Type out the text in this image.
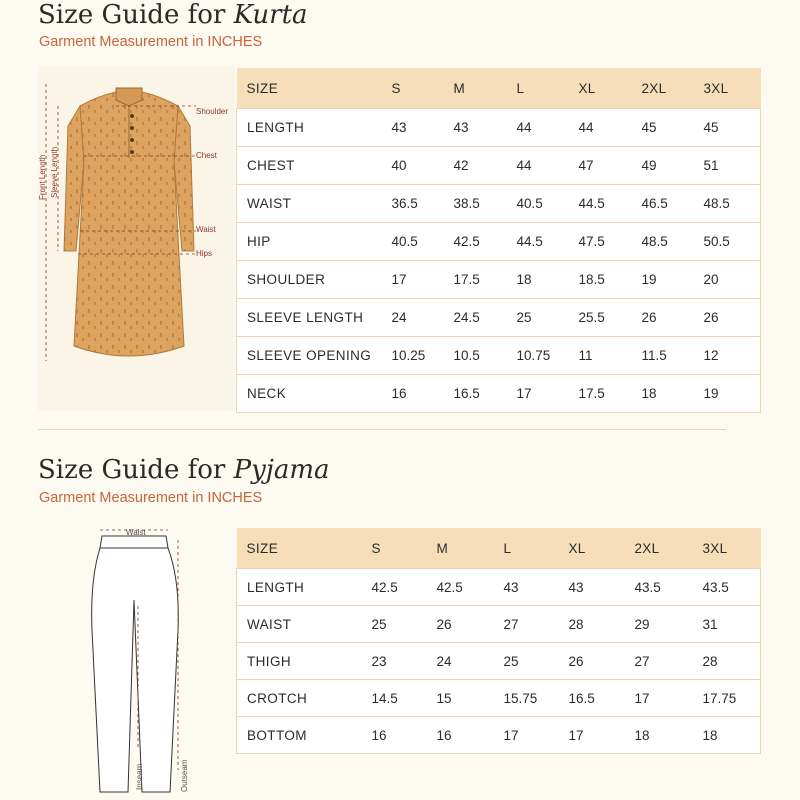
Size Guide for Kurta
Garment Measurement in INCHES
Shoulder
Chest
Waist
Hips
Front Length Sleeve Length
SIZE	S	M	L	XL	2XL	3XL
LENGTH	43	43	44	44	45	45
CHEST	40	42	44	47	49	51
WAIST	36.5	38.5	40.5	44.5	46.5	48.5
HIP	40.5	42.5	44.5	47.5	48.5	50.5
SHOULDER	17	17.5	18	18.5	19	20
SLEEVE LENGTH	24	24.5	25	25.5	26	26
SLEEVE OPENING	10.25	10.5	10.75	11	11.5	12
NECK	16	16.5	17	17.5	18	19
Size Guide for Pyjama
Garment Measurement in INCHES
Waist
Inseam	Outseam
SIZE	S	M	L	XL	2XL	3XL
LENGTH	42.5	42.5	43	43	43.5	43.5
WAIST	25	26	27	28	29	31
THIGH	23	24	25	26	27	28
CROTCH	14.5	15	15.75	16.5	17	17.75
BOTTOM	16	16	17	17	18	18
